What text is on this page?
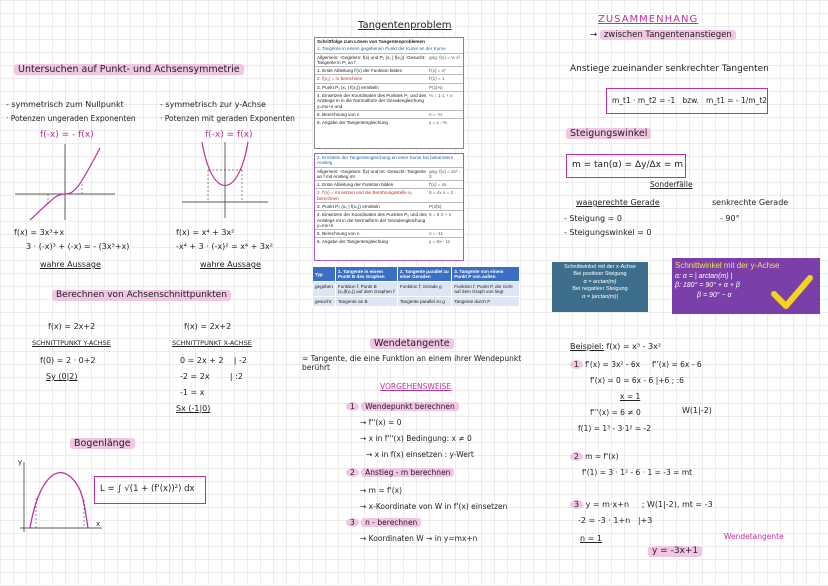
Untersuchen auf Punkt- und Achsensymmetrie
- symmetrisch zum Nullpunkt
· Potenzen ungeraden Exponenten
f(-x) = - f(x)
- symmetrisch zur y-Achse
· Potenzen mit geraden Exponenten
f(-x) = f(x)
f(x) = 3x³+x
3 · (-x)³ + (-x) = - (3x³+x)
wahre Aussage
f(x) = x⁴ + 3x²
-x⁴ + 3 · (-x)² = x⁴ + 3x²
wahre Aussage
Berechnen von Achsenschnittpunkten
f(x) = 2x+2
SCHNITTPUNKT Y-ACHSE
f(0) = 2 · 0+2
Sy (0|2)
f(x) = 2x+2
SCHNITTPUNKT X-ACHSE
0 = 2x + 2    | -2
-2 = 2x        | :2
-1 = x
Sx (-1|0)
Bogenlänge
x
y
L = ∫ √(1 + (f'(x))²) dx
Tangentenproblem
Schrittfolge zum Lösen von Tangentenproblemen
1. Tangente in einem gegebenen Punkt der Kurve an der Kurve
Allgemein: -Gegeben: f(x) und P₁ (x₁ | f(x₁)) -Gesucht: Tangente in P₁ an f
geg: f(x) = ⅓ x³
1. Erste Ableitung f'(x) der Funktion bilden	f'(x) = x²
2. f(x₁) = m berechnen	f'(1) = 1
3. Punkt P₁ (x₁ | f(x₁)) ermitteln	P(1|⅓)
4. Einsetzen der Koordinaten des Punktes P₁ und des Anstiegs m in die Normalform der Geradengleichung y=mx+n und
⅓ = 1·1 + n
5. Berechnung von n	n = -⅔
6. Angabe der Tangentengleichung	y = x - ⅔
2. Ermitteln der Tangentengleichung an einer Kurve bei bekanntem Anstieg
Allgemein: -Gegeben: f(x) und mt -Gesucht: Tangente an f mit Anstieg mt
geg: f(x) = 2x² - 3
1. Erste Ableitung der Funktion bilden	f'(x) = 4x
2. f'(x) = mt setzen und die Berührungsstelle x₀ berechnen
8 = 4x x = 2
3. Punkt P₀ (x₀ | f(x₀)) ermitteln	P(2|5)
4. Einsetzen der Koordinaten des Punktes P₀ und des Anstiegs mt in die Normalform der Geradengleichung y=mx+n
5 = 8·2 + n
5. Berechnung von n	n = -11
6. Angabe der Tangentengleichung	y = 8x - 11
Typ	1. Tangente in einem Punkt B des Graphen	2. Tangente parallel zu einer Geraden	3. Tangente von einem Punkt P von außen
gegeben	Funktion f; Punkt B (x₀|f(x₀)) auf dem Graphen f	Funktion f; Gerade g	Funktion f; Punkt P, der nicht auf dem Graph von liegt
gesucht	Tangente an B	Tangente parallel zu g	Tangente durch P
Wendetangente
= Tangente, die eine Funktion an einem ihrer Wendepunkt berührt
VORGEHENSWEISE
1 Wendepunkt berechnen
→ f''(x) = 0
→ x in f'''(x) Bedingung: x ≠ 0
→ x in f(x) einsetzen : y-Wert
2 Anstieg - m berechnen
→ m = f'(x)
→ x-Koordinate von W in f'(x) einsetzen
3 n - berechnen
→ Koordinaten W → in y=mx+n
ZUSAMMENHANG
→ zwischen Tangentenanstiegen
Anstiege zueinander senkrechter Tangenten
m_t1 · m_t2 = -1   bzw.   m_t1 = - 1/m_t2
Steigungswinkel
m = tan(α) = Δy/Δx = m
Sonderfälle
waagerechte Gerade
- Steigung = 0
- Steigungswinkel = 0
senkrechte Gerade
- 90°
Schnittwinkel mit der x-Achse
Bei positiver Steigung
α = arctan(m)
Bei negativer Steigung
α = |arctan(m)|
Schnittwinkel mit der y-Achse
α: α = | arctan(m) |
β: 180° = 90° + α + β
β = 90° − α
Beispiel: f(x) = x³ - 3x²
1 f'(x) = 3x² - 6x     f''(x) = 6x - 6
f'(x) = 0 = 6x - 6 |+6 ; :6
x = 1
f'''(x) = 6 ≠ 0
f(1) = 1³ - 3·1² = -2
W(1|-2)
2 m = f'(x)
f'(1) = 3 · 1² - 6 · 1 = -3 = mt
3 y = m·x+n     ; W(1|-2), mt = -3
-2 = -3 · 1+n   |+3
n = 1
y = -3x+1
Wendetangente
